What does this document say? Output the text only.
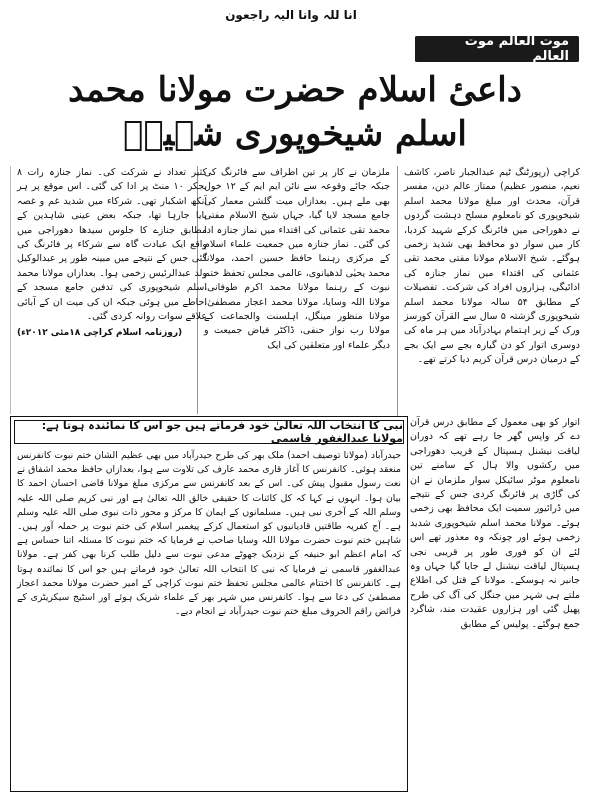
انا للہ وانا الیہ راجعون
موت العالم موت العالم
داعیٔ اسلام حضرت مولانا محمد اسلم شیخوپوری شہیدؒ
کراچی (رپورٹنگ ٹیم عبدالجبار ناصر، کاشف نعیم، منصور عظیم) ممتاز عالم دین، مفسر قرآن، محدث اور مبلغ مولانا محمد اسلم شیخوپوری کو نامعلوم مسلح دہشت گردوں نے دھوراجی میں فائرنگ کرکے شہید کردیا، کار میں سوار دو محافظ بھی شدید زخمی ہوگئے۔ شیخ الاسلام مولانا مفتی محمد تقی عثمانی کی اقتداء میں نماز جنازہ کی ادائیگی، ہزاروں افراد کی شرکت۔ تفصیلات کے مطابق ۵۴ سالہ مولانا محمد اسلم شیخوپوری گزشتہ ۵ سال سے القرآن کورسز ورک کے زیر اہتمام بہادرآباد میں ہر ماہ کی دوسری اتوار کو دن گیارہ بجے سے ایک بجے کے درمیان درس قرآن کریم دیا کرتے تھے۔
ملزمان نے کار پر تین اطراف سے فائرنگ کی جبکہ جائے وقوعہ سے نائن ایم ایم کے ۱۲ خول بھی ملے ہیں۔ بعدازاں میت گلشن معمار کی جامع مسجد لایا گیا، جہاں شیخ الاسلام مفتی محمد تقی عثمانی کی اقتداء میں نماز جنازہ ادا کی گئی۔ نماز جنازہ میں جمعیت علماء اسلام کے مرکزی رہنما حافظ حسین احمد، مولانا محمد یحیٰی لدھیانوی، عالمی مجلس تحفظ ختم نبوت کے رہنما مولانا محمد اکرم طوفانی، مولانا اللہ وسایا، مولانا محمد اعجاز مصطفیٰ، مولانا منظور مینگل، اہلسنت والجماعت کے مولانا رب نواز حنفی، ڈاکٹر فیاض جمیعت و دیگر علماء اور متعلقین کی ایک
کثیر تعداد نے شرکت کی۔ نماز جنازہ رات ۸ بجکر ۱۰ منٹ پر ادا کی گئی۔ اس موقع پر ہر آنکھ اشکبار تھی۔ شرکاء میں شدید غم و غصہ پایا جارہا تھا، جبکہ بعض عینی شاہدین کے مطابق جنازے کا جلوس سیدھا دھوراجی میں واقع ایک عبادت گاہ سے شرکاء پر فائرنگ کی گئی جس کے نتیجے میں مبینہ طور پر عبدالوکیل ولد عبدالرئیس زخمی ہوا۔ بعدازاں مولانا محمد اسلم شیخوپوری کی تدفین جامع مسجد کے احاطے میں ہوئی جبکہ ان کی میت ان کے آبائی علاقے سوات روانہ کردی گئی۔
(روزنامہ اسلام کراچی ۱۸مئی ۲۰۱۲ء)
نبی کا انتخاب اللہ تعالیٰ خود فرماتے ہیں جو اس کا نمائندہ ہوتا ہے: مولانا عبدالغفور قاسمی
حیدرآباد (مولانا توصیف احمد) ملک بھر کی طرح حیدرآباد میں بھی عظیم الشان ختم نبوت کانفرنس منعقد ہوئی۔ کانفرنس کا آغاز قاری محمد عارف کی تلاوت سے ہوا، بعدازاں حافظ محمد اشفاق نے نعت رسول مقبول پیش کی۔ اس کے بعد کانفرنس سے مرکزی مبلغ مولانا قاضی احسان احمد کا بیان ہوا۔ انہوں نے کہا کہ کل کائنات کا حقیقی خالق اللہ تعالیٰ ہے اور نبی کریم صلی اللہ علیہ وسلم اللہ کے آخری نبی ہیں۔ مسلمانوں کے ایمان کا مرکز و محور ذات نبوی صلی اللہ علیہ وسلم ہے۔ آج کفریہ طاقتیں قادیانیوں کو استعمال کرکے پیغمبر اسلام کی ختم نبوت پر حملہ آور ہیں۔ شاہین ختم نبوت حضرت مولانا اللہ وسایا صاحب نے فرمایا کہ ختم نبوت کا مسئلہ اتنا حساس ہے کہ امام اعظم ابو حنیفہ کے نزدیک جھوٹے مدعی نبوت سے دلیل طلب کرنا بھی کفر ہے۔ مولانا عبدالغفور قاسمی نے فرمایا کہ نبی کا انتخاب اللہ تعالیٰ خود فرماتے ہیں جو اس کا نمائندہ ہوتا ہے۔ کانفرنس کا اختتام عالمی مجلس تحفظ ختم نبوت کراچی کے امیر حضرت مولانا محمد اعجاز مصطفیٰ کی دعا سے ہوا۔ کانفرنس میں شہر بھر کے علماء شریک ہوئے اور اسٹیج سیکریٹری کے فرائض راقم الحروف مبلغ ختم نبوت حیدرآباد نے انجام دیے۔
اتوار کو بھی معمول کے مطابق درس قرآن دے کر واپس گھر جا رہے تھے کہ دوران لیاقت نیشنل ہسپتال کے قریب دھوراجی میں رکشوں والا ہال کے سامنے تین نامعلوم موٹر سائیکل سوار ملزمان نے ان کی گاڑی پر فائرنگ کردی جس کے نتیجے میں ڈرائیور سمیت ایک محافظ بھی زخمی ہوئے۔ مولانا محمد اسلم شیخوپوری شدید زخمی ہوئے اور چونکہ وہ معذور تھے اس لئے ان کو فوری طور پر قریبی نجی ہسپتال لیاقت نیشنل لے جایا گیا جہاں وہ جانبر نہ ہوسکے۔ مولانا کے قتل کی اطلاع ملتے ہی شہر میں جنگل کی آگ کی طرح پھیل گئی اور ہزاروں عقیدت مند، شاگرد جمع ہوگئے۔ پولیس کے مطابق
